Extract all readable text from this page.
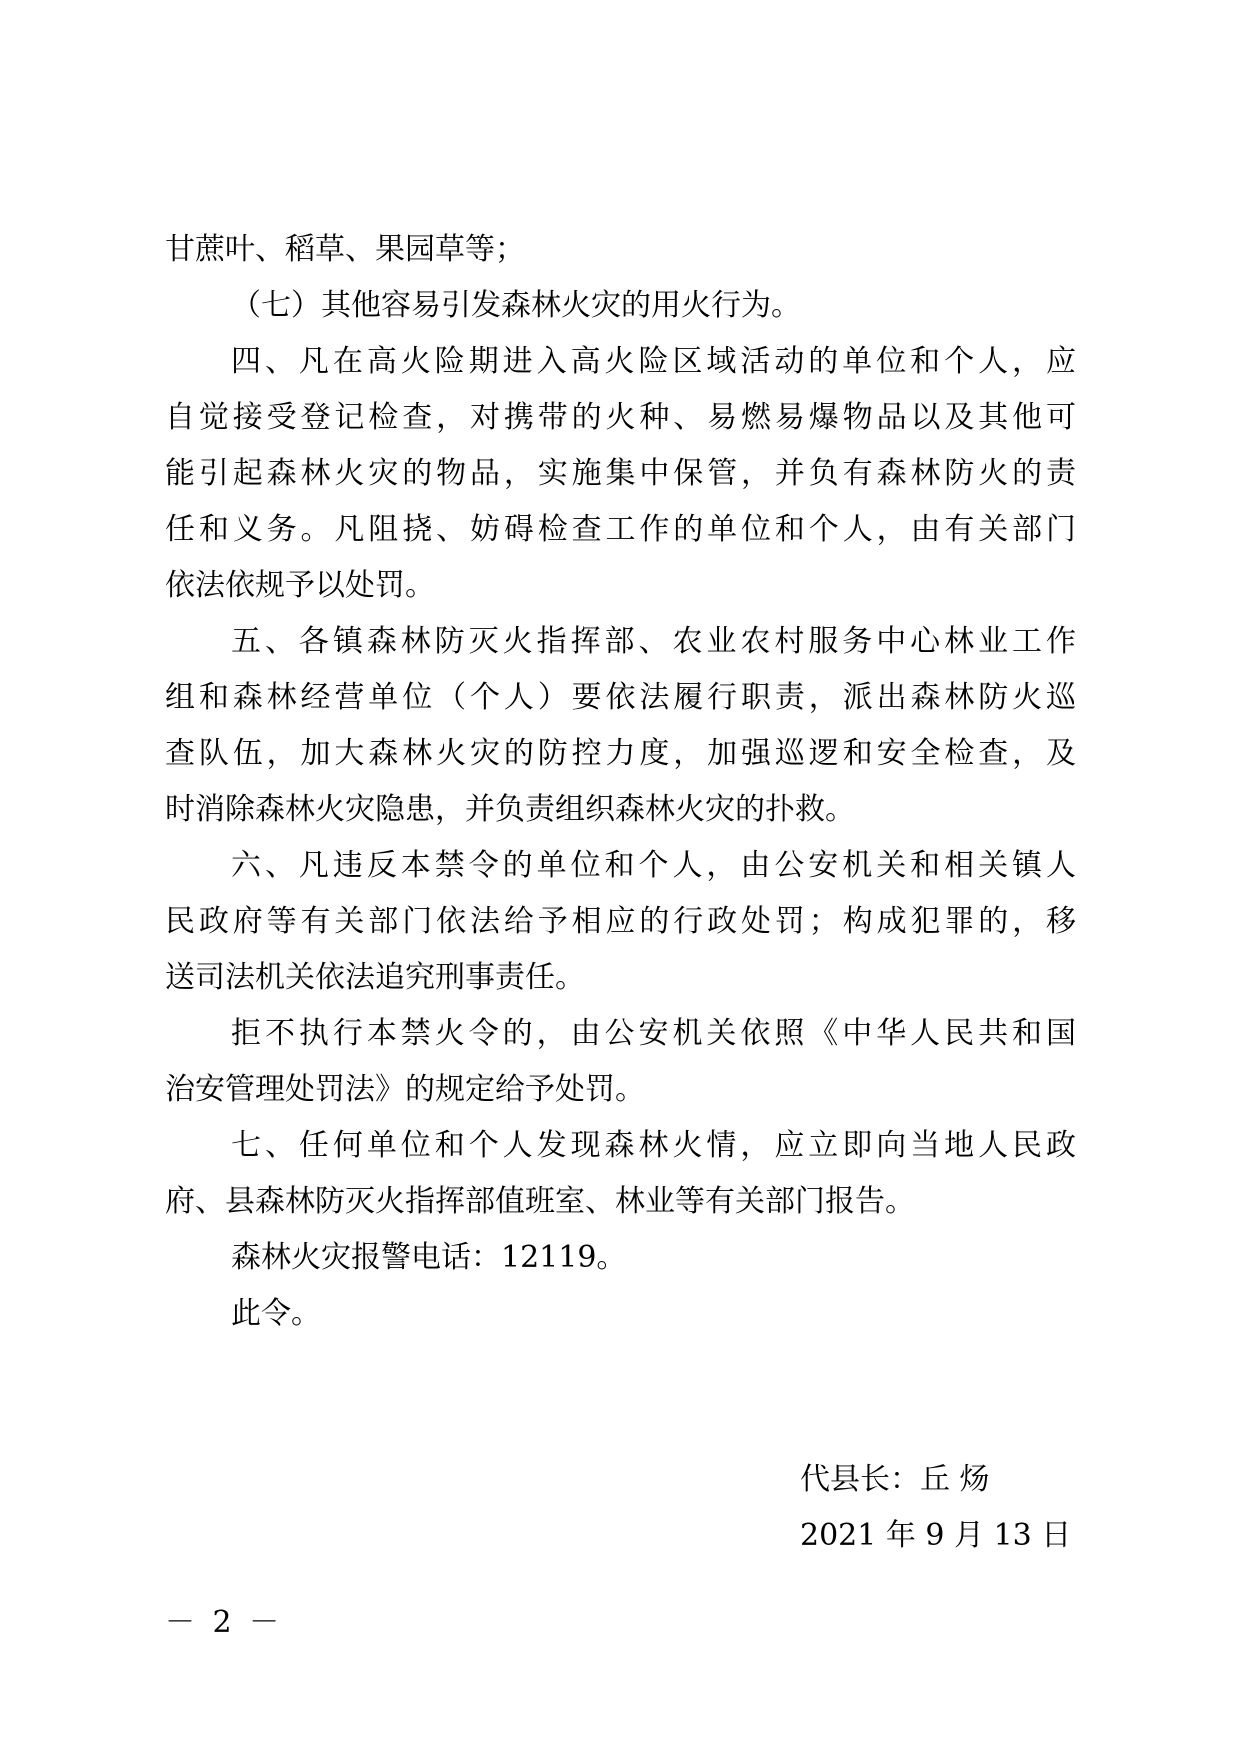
甘蔗叶、稻草、果园草等；
（七）其他容易引发森林火灾的用火行为。
四、凡在高火险期进入高火险区域活动的单位和个人，应
自觉接受登记检查，对携带的火种、易燃易爆物品以及其他可
能引起森林火灾的物品，实施集中保管，并负有森林防火的责
任和义务。凡阻挠、妨碍检查工作的单位和个人，由有关部门
依法依规予以处罚。
五、各镇森林防灭火指挥部、农业农村服务中心林业工作
组和森林经营单位（个人）要依法履行职责，派出森林防火巡
查队伍，加大森林火灾的防控力度，加强巡逻和安全检查，及
时消除森林火灾隐患，并负责组织森林火灾的扑救。
六、凡违反本禁令的单位和个人，由公安机关和相关镇人
民政府等有关部门依法给予相应的行政处罚；构成犯罪的，移
送司法机关依法追究刑事责任。
拒不执行本禁火令的，由公安机关依照《中华人民共和国
治安管理处罚法》的规定给予处罚。
七、任何单位和个人发现森林火情，应立即向当地人民政
府、县森林防灭火指挥部值班室、林业等有关部门报告。
森林火灾报警电话：12119。
此令。
代县长：丘 炀
2021 年 9 月 13 日
－ 2 －
